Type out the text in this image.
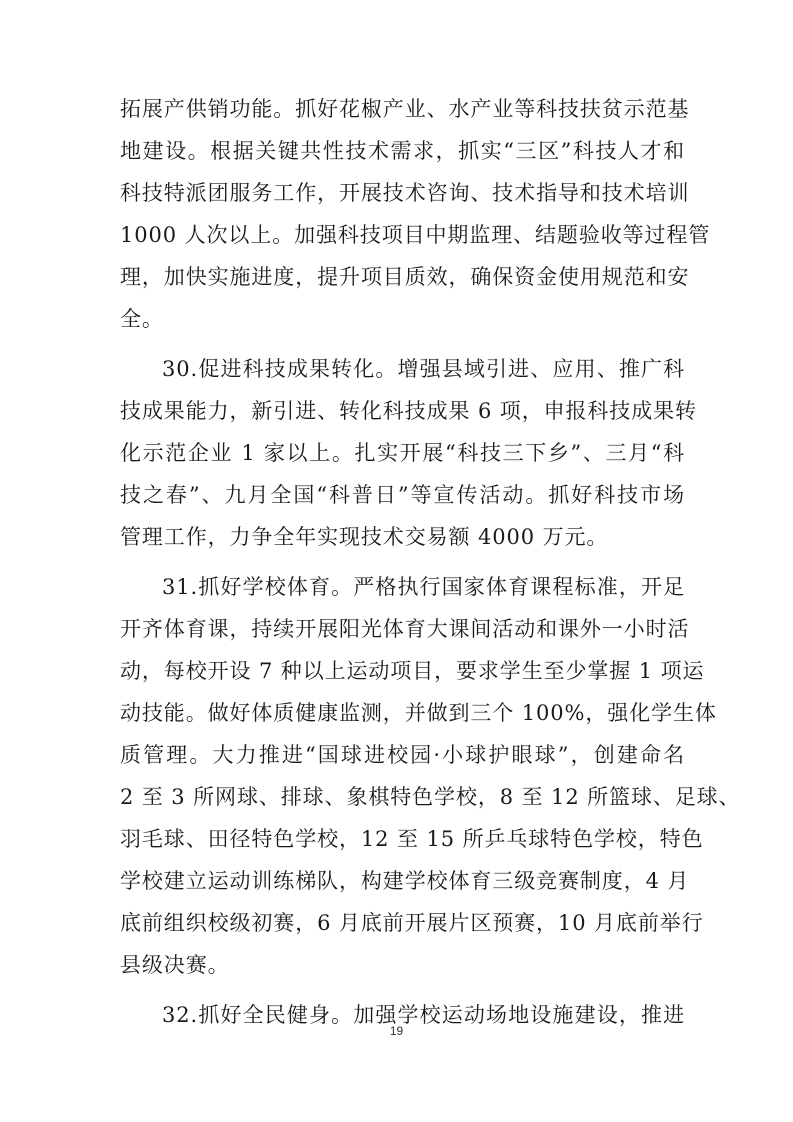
拓展产供销功能。抓好花椒产业、水产业等科技扶贫示范基
地建设。根据关键共性技术需求，抓实“三区”科技人才和
科技特派团服务工作，开展技术咨询、技术指导和技术培训
1000 人次以上。加强科技项目中期监理、结题验收等过程管
理，加快实施进度，提升项目质效，确保资金使用规范和安
全。
30.促进科技成果转化。增强县域引进、应用、推广科
技成果能力，新引进、转化科技成果 6 项，申报科技成果转
化示范企业 1 家以上。扎实开展“科技三下乡”、三月“科
技之春”、九月全国“科普日”等宣传活动。抓好科技市场
管理工作，力争全年实现技术交易额 4000 万元。
31.抓好学校体育。严格执行国家体育课程标准，开足
开齐体育课，持续开展阳光体育大课间活动和课外一小时活
动，每校开设 7 种以上运动项目，要求学生至少掌握 1 项运
动技能。做好体质健康监测，并做到三个 100%，强化学生体
质管理。大力推进“国球进校园·小球护眼球”，创建命名
2 至 3 所网球、排球、象棋特色学校，8 至 12 所篮球、足球、
羽毛球、田径特色学校，12 至 15 所乒乓球特色学校，特色
学校建立运动训练梯队，构建学校体育三级竞赛制度，4 月
底前组织校级初赛，6 月底前开展片区预赛，10 月底前举行
县级决赛。
32.抓好全民健身。加强学校运动场地设施建设，推进
19
